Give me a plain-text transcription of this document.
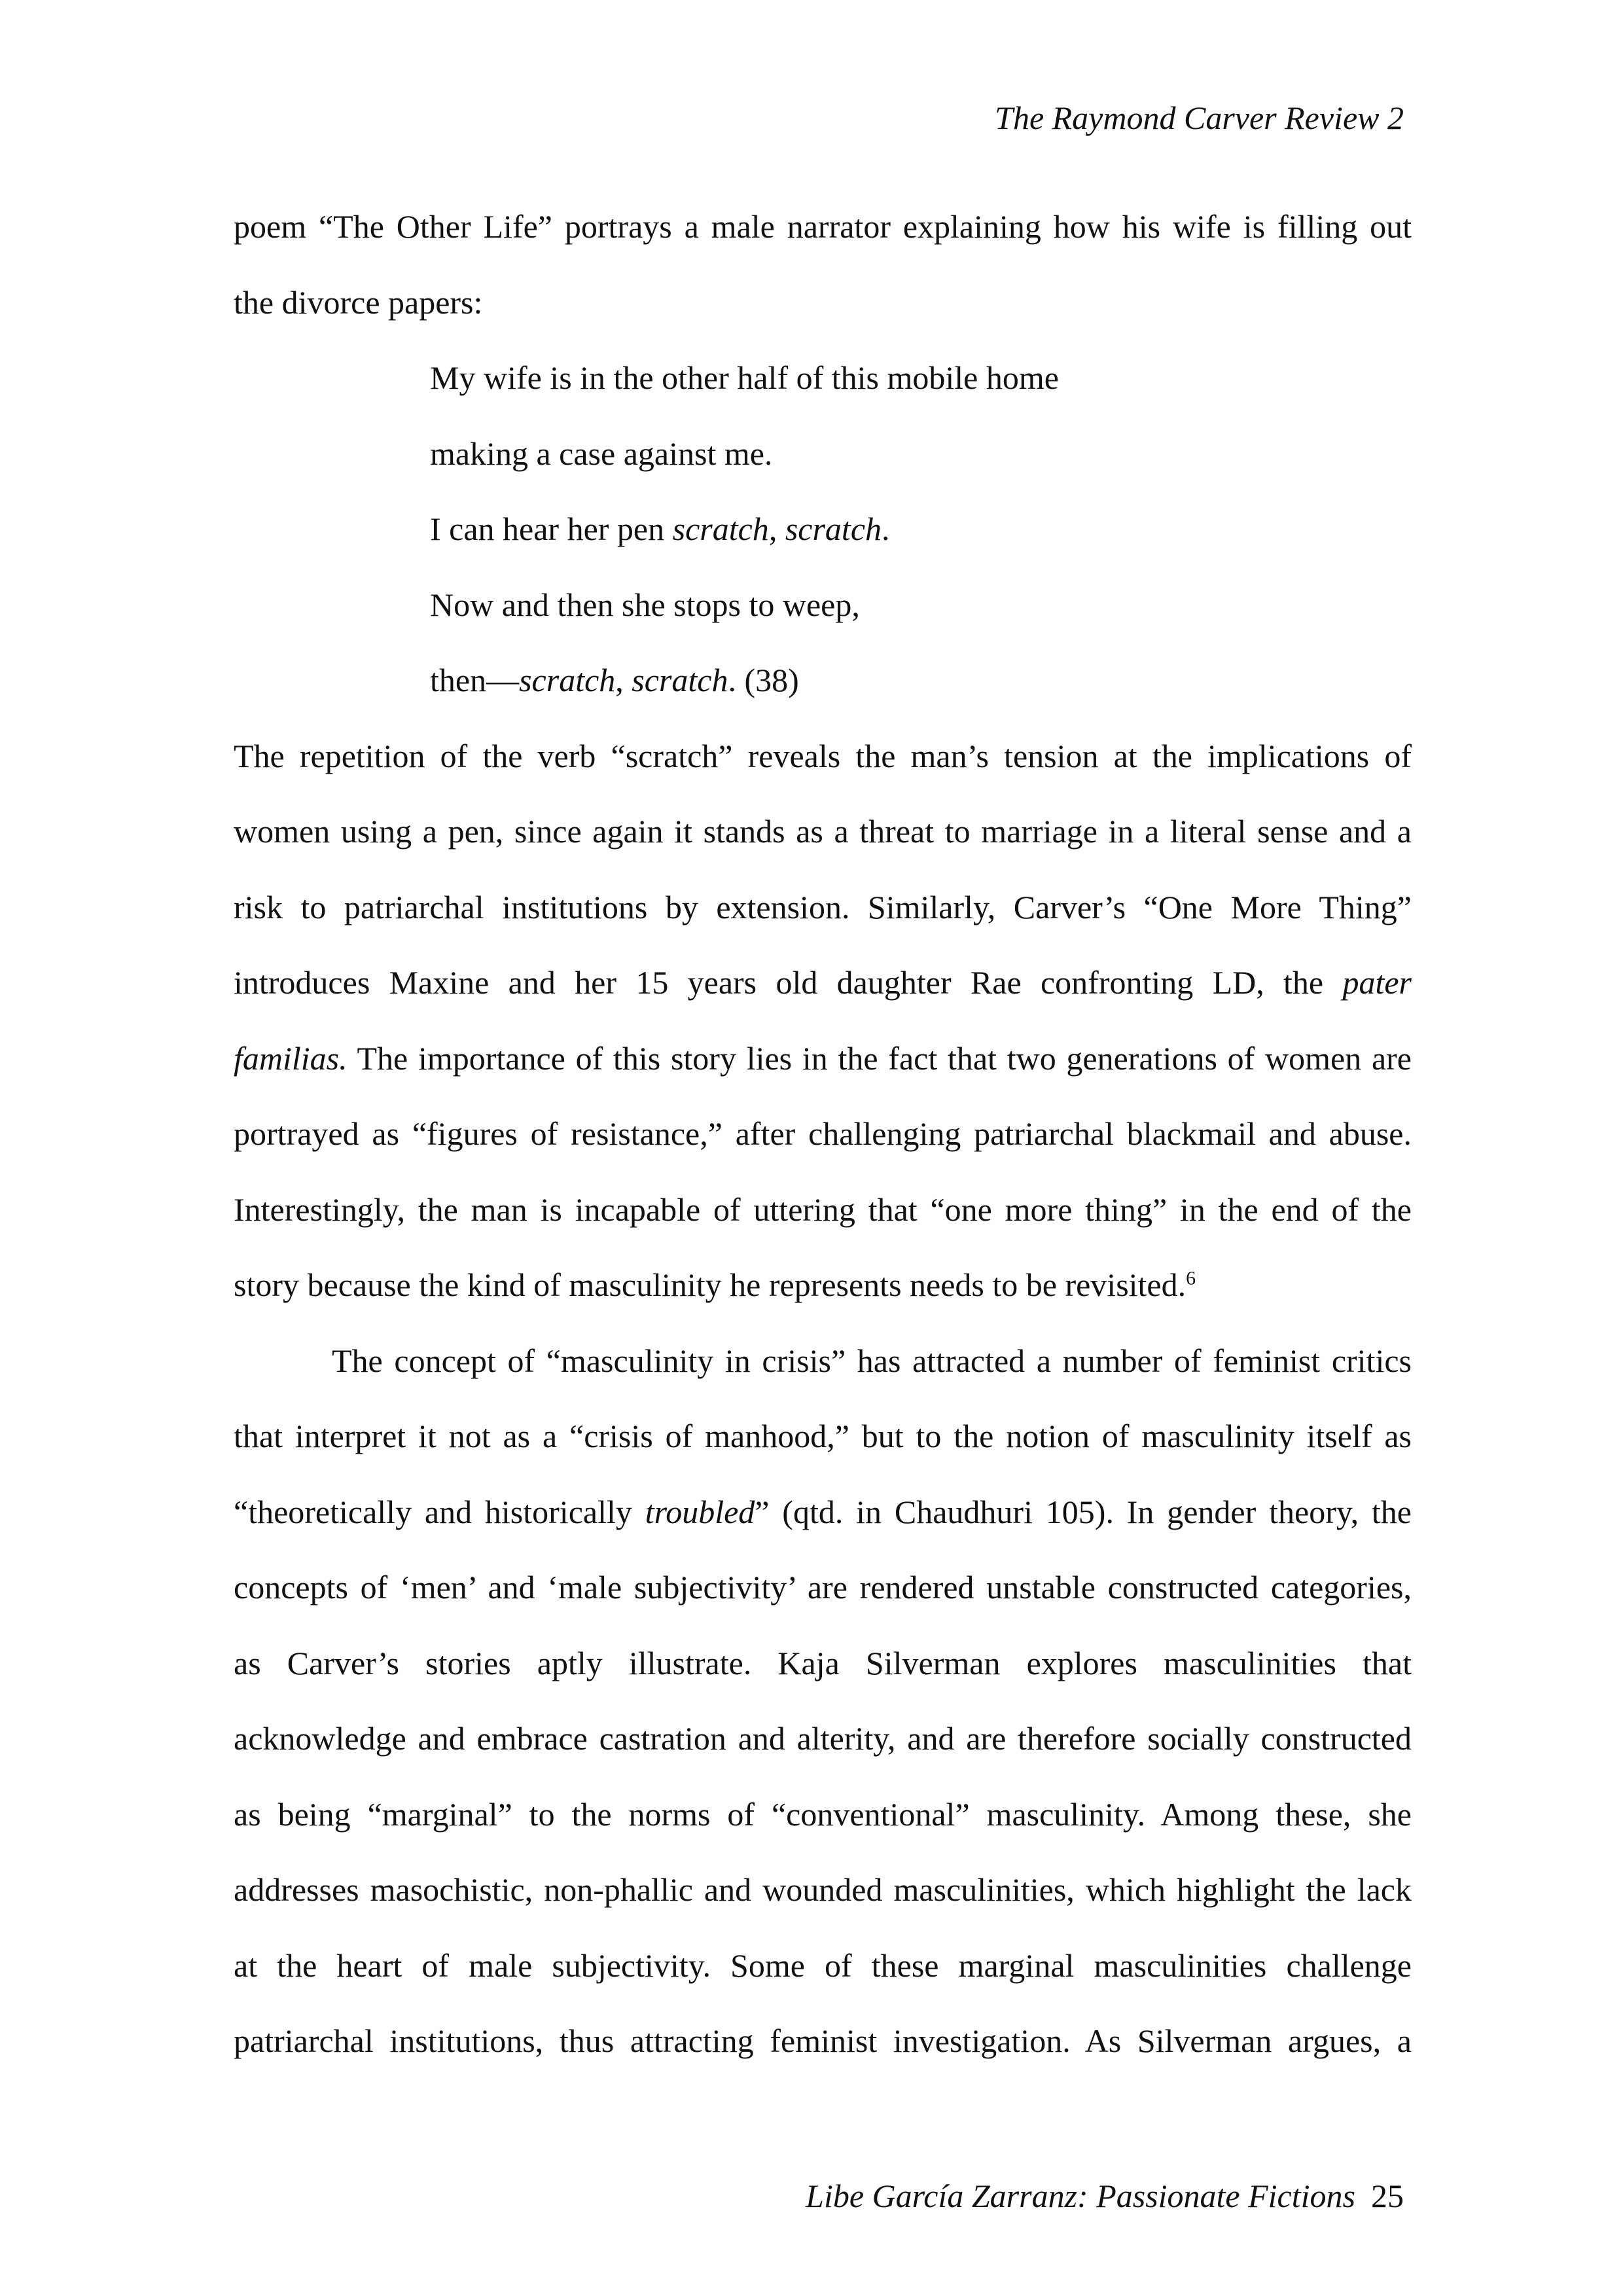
The Raymond Carver Review 2
poem “The Other Life” portrays a male narrator explaining how his wife is filling out
the divorce papers:
My wife is in the other half of this mobile home
making a case against me.
I can hear her pen scratch, scratch.
Now and then she stops to weep,
then—scratch, scratch. (38)
The repetition of the verb “scratch” reveals the man’s tension at the implications of
women using a pen, since again it stands as a threat to marriage in a literal sense and a
risk to patriarchal institutions by extension. Similarly, Carver’s “One More Thing”
introduces Maxine and her 15 years old daughter Rae confronting LD, the pater
familias. The importance of this story lies in the fact that two generations of women are
portrayed as “figures of resistance,” after challenging patriarchal blackmail and abuse.
Interestingly, the man is incapable of uttering that “one more thing” in the end of the
story because the kind of masculinity he represents needs to be revisited.$^6$
The concept of “masculinity in crisis” has attracted a number of feminist critics
that interpret it not as a “crisis of manhood,” but to the notion of masculinity itself as
“theoretically and historically troubled” (qtd. in Chaudhuri 105). In gender theory, the
concepts of ‘men’ and ‘male subjectivity’ are rendered unstable constructed categories,
as Carver’s stories aptly illustrate. Kaja Silverman explores masculinities that
acknowledge and embrace castration and alterity, and are therefore socially constructed
as being “marginal” to the norms of “conventional” masculinity. Among these, she
addresses masochistic, non-phallic and wounded masculinities, which highlight the lack
at the heart of male subjectivity. Some of these marginal masculinities challenge
patriarchal institutions, thus attracting feminist investigation. As Silverman argues, a
Libe García Zarranz: Passionate Fictions 25
